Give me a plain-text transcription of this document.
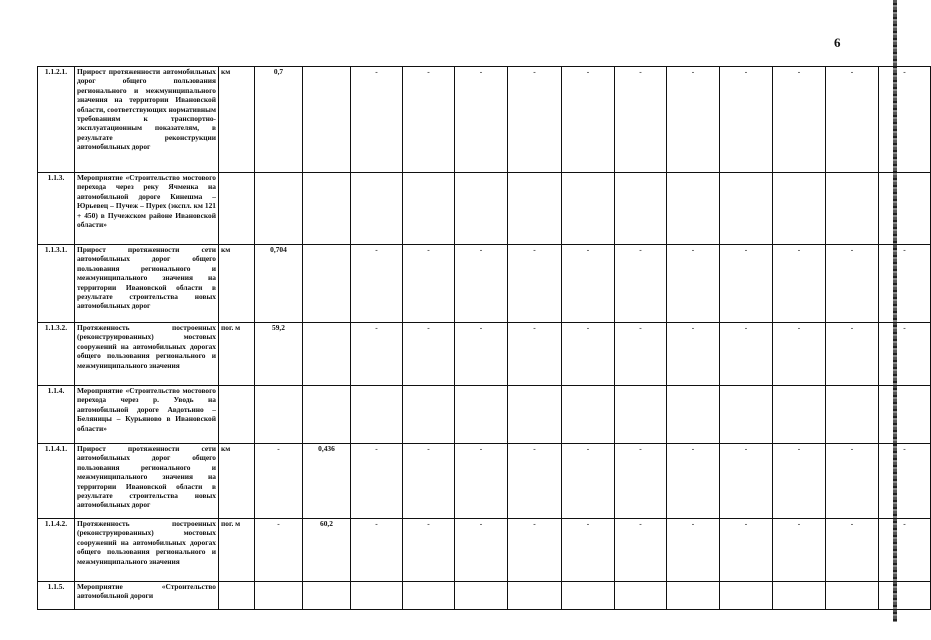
6
1.1.2.1.	Прирост протяженности автомобильных дорог общего пользования регионального и межмуниципального значения на территории Ивановской области, соответствующих нормативным требованиям к транспортно-эксплуатационным показателям, в результате реконструкции автомобильных дорог	км	0,7		-	-	-	-	-	-	-	-	-	-	-
1.1.3.	Мероприятие «Строительство мостового перехода через реку Ячменка на автомобильной дороге Кинешма – Юрьевец – Пучеж – Пурех (экспл. км 121 + 450) в Пучежском районе Ивановской области»														
1.1.3.1.	Прирост протяженности сети автомобильных дорог общего пользования регионального и межмуниципального значения на территории Ивановской области в результате строительства новых автомобильных дорог	км	0,704		-	-	-	-	-	-	-	-	-	-	-
1.1.3.2.	Протяженность построенных (реконструированных) мостовых сооружений на автомобильных дорогах общего пользования регионального и межмуниципального значения	пог. м	59,2		-	-	-	-	-	-	-	-	-	-	-
1.1.4.	Мероприятие «Строительство мостового перехода через р. Уводь на автомобильной дороге Авдотьино – Беляницы – Курьяново в Ивановской области»														
1.1.4.1.	Прирост протяженности сети автомобильных дорог общего пользования регионального и межмуниципального значения на территории Ивановской области в результате строительства новых автомобильных дорог	км	-	0,436	-	-	-	-	-	-	-	-	-	-	-
1.1.4.2.	Протяженность построенных (реконструированных) мостовых сооружений на автомобильных дорогах общего пользования регионального и межмуниципального значения	пог. м	-	60,2	-	-	-	-	-	-	-	-	-	-	-
1.1.5.	Мероприятие «Строительство автомобильной дороги														
